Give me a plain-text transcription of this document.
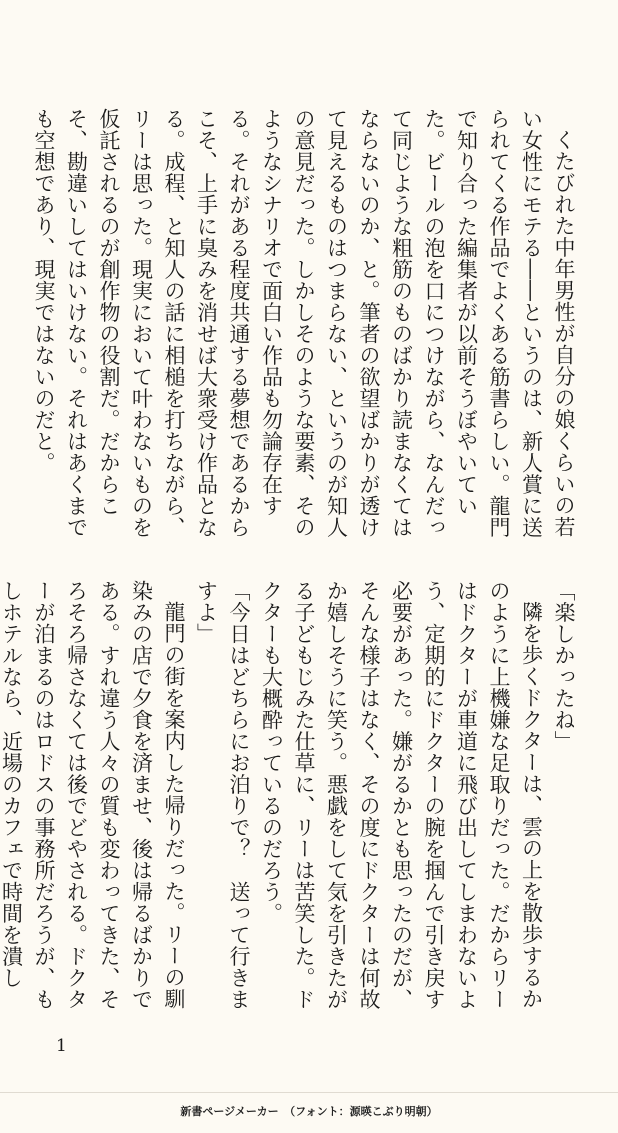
くたびれた中年男性が自分の娘くらいの若い女性にモテる――というのは、新人賞に送られてくる作品でよくある筋書らしい。龍門で知り合った編集者が以前そうぼやいていた。ビールの泡を口につけながら、なんだって同じような粗筋のものばかり読まなくてはならないのか、と。筆者の欲望ばかりが透けて見えるものはつまらない、というのが知人の意見だった。しかしそのような要素、そのようなシナリオで面白い作品も勿論存在する。それがある程度共通する夢想であるからこそ、上手に臭みを消せば大衆受け作品となる。成程、と知人の話に相槌を打ちながら、リーは思った。現実において叶わないものを仮託されるのが創作物の役割だ。だからこそ、勘違いしてはいけない。それはあくまでも空想であり、現実ではないのだと。

「楽しかったね」

隣を歩くドクターは、雲の上を散歩するかのように上機嫌な足取りだった。だからリーはドクターが車道に飛び出してしまわないよう、定期的にドクターの腕を掴んで引き戻す必要があった。嫌がるかとも思ったのだが、そんな様子はなく、その度にドクターは何故か嬉しそうに笑う。悪戯をして気を引きたがる子どもじみた仕草に、リーは苦笑した。ドクターも大概酔っているのだろう。

「今日はどちらにお泊りで？　送って行きますよ」

龍門の街を案内した帰りだった。リーの馴染みの店で夕食を済ませ、後は帰るばかりである。すれ違う人々の質も変わってきた、そろそろ帰さなくては後でどやされる。ドクターが泊まるのはロドスの事務所だろうが、もしホテルなら、近場のカフェで時間を潰し

1
新書ページメーカー　（フォント：源暎こぶり明朝）
